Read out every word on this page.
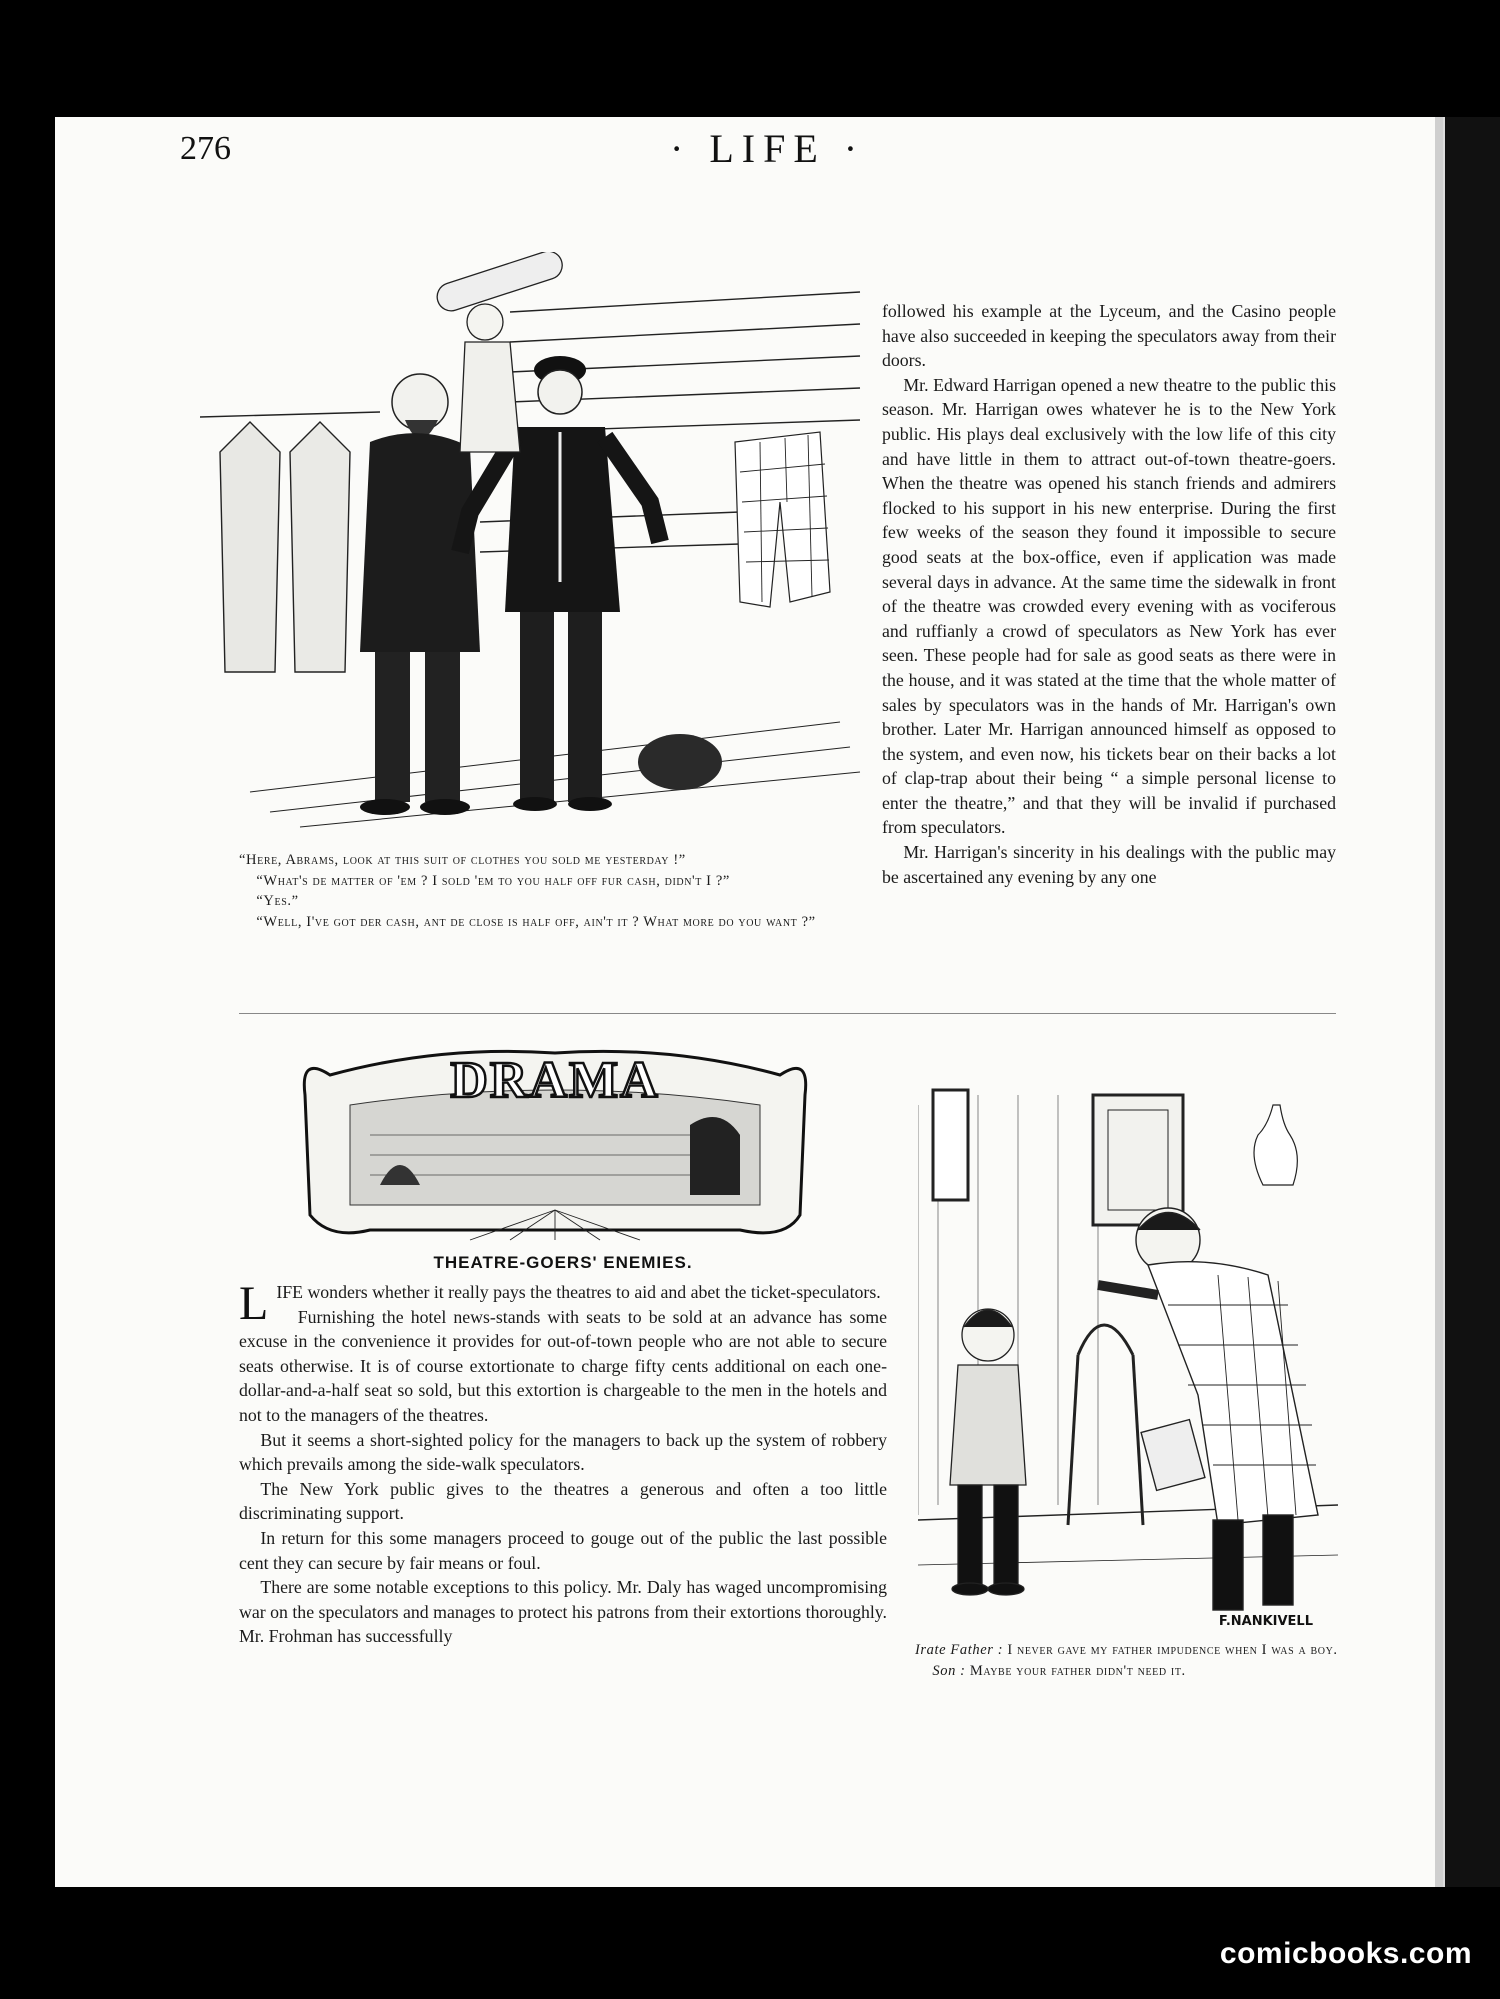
276	· LIFE ·

“Here, Abrams, look at this suit of clothes you sold me yesterday !”

“What's de matter of 'em ? I sold 'em to you half off fur cash, didn't I ?”

“Yes.”

“Well, I've got der cash, ant de close is half off, ain't it ? What more do you want ?”

followed his example at the Lyceum, and the Casino people have also succeeded in keeping the speculators away from their doors.

Mr. Edward Harrigan opened a new theatre to the public this season. Mr. Harrigan owes whatever he is to the New York public. His plays deal exclusively with the low life of this city and have little in them to attract out-of-town theatre-goers. When the theatre was opened his stanch friends and admirers flocked to his support in his new enterprise. During the first few weeks of the season they found it impossible to secure good seats at the box-office, even if application was made several days in advance. At the same time the sidewalk in front of the theatre was crowded every evening with as vociferous and ruffianly a crowd of speculators as New York has ever seen. These people had for sale as good seats as there were in the house, and it was stated at the time that the whole matter of sales by speculators was in the hands of Mr. Harrigan's own brother. Later Mr. Harrigan announced himself as opposed to the system, and even now, his tickets bear on their backs a lot of clap-trap about their being “ a simple personal license to enter the theatre,” and that they will be invalid if purchased from speculators.

Mr. Harrigan's sincerity in his dealings with the public may be ascertained any evening by any one

DRAMA
THEATRE-GOERS' ENEMIES.

LIFE wonders whether it really pays the theatres to aid and abet the ticket-speculators.

Furnishing the hotel news-stands with seats to be sold at an advance has some excuse in the convenience it provides for out-of-town people who are not able to secure seats otherwise. It is of course extortionate to charge fifty cents additional on each one-dollar-and-a-half seat so sold, but this extortion is chargeable to the men in the hotels and not to the managers of the theatres.

But it seems a short-sighted policy for the managers to back up the system of robbery which prevails among the side-walk speculators.

The New York public gives to the theatres a generous and often a too little discriminating support.

In return for this some managers proceed to gouge out of the public the last possible cent they can secure by fair means or foul.

There are some notable exceptions to this policy. Mr. Daly has waged uncompromising war on the speculators and manages to protect his patrons from their extortions thoroughly. Mr. Frohman has successfully

F.NANKIVELL

Irate Father : I never gave my father impudence when I was a boy.

Son : Maybe your father didn't need it.

comicbooks.com
